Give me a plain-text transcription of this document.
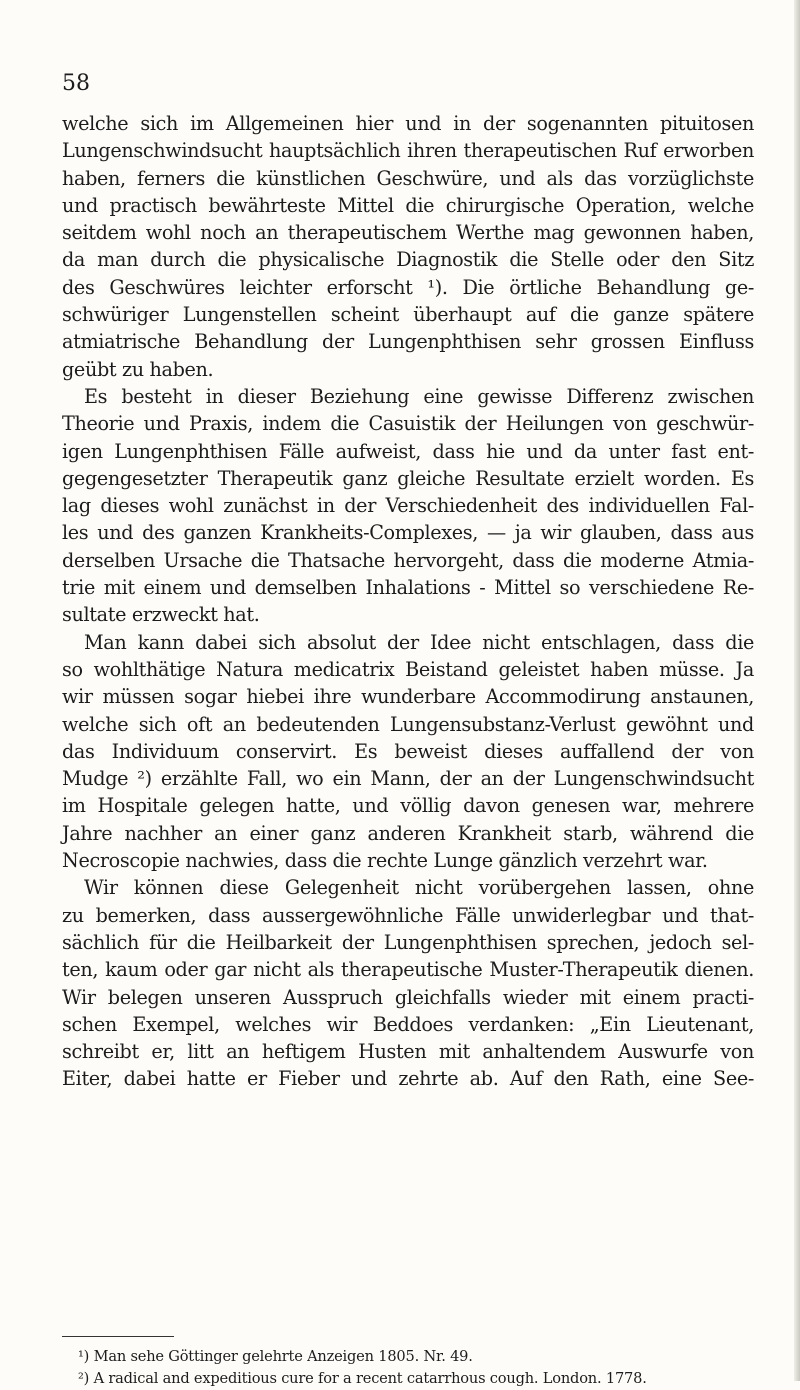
58
welche sich im Allgemeinen hier und in der sogenannten pituitosen
Lungenschwindsucht hauptsächlich ihren therapeutischen Ruf erworben
haben, ferners die künstlichen Geschwüre, und als das vorzüglichste
und practisch bewährteste Mittel die chirurgische Operation, welche
seitdem wohl noch an therapeutischem Werthe mag gewonnen haben,
da man durch die physicalische Diagnostik die Stelle oder den Sitz
des Geschwüres leichter erforscht ¹). Die örtliche Behandlung ge-
schwüriger Lungenstellen scheint überhaupt auf die ganze spätere
atmiatrische Behandlung der Lungenphthisen sehr grossen Einfluss
geübt zu haben.
Es besteht in dieser Beziehung eine gewisse Differenz zwischen
Theorie und Praxis, indem die Casuistik der Heilungen von geschwür-
igen Lungenphthisen Fälle aufweist, dass hie und da unter fast ent-
gegengesetzter Therapeutik ganz gleiche Resultate erzielt worden. Es
lag dieses wohl zunächst in der Verschiedenheit des individuellen Fal-
les und des ganzen Krankheits-Complexes, — ja wir glauben, dass aus
derselben Ursache die Thatsache hervorgeht, dass die moderne Atmia-
trie mit einem und demselben Inhalations - Mittel so verschiedene Re-
sultate erzweckt hat.
Man kann dabei sich absolut der Idee nicht entschlagen, dass die
so wohlthätige Natura medicatrix Beistand geleistet haben müsse. Ja
wir müssen sogar hiebei ihre wunderbare Accommodirung anstaunen,
welche sich oft an bedeutenden Lungensubstanz-Verlust gewöhnt und
das Individuum conservirt. Es beweist dieses auffallend der von
Mudge ²) erzählte Fall, wo ein Mann, der an der Lungenschwindsucht
im Hospitale gelegen hatte, und völlig davon genesen war, mehrere
Jahre nachher an einer ganz anderen Krankheit starb, während die
Necroscopie nachwies, dass die rechte Lunge gänzlich verzehrt war.
Wir können diese Gelegenheit nicht vorübergehen lassen, ohne
zu bemerken, dass aussergewöhnliche Fälle unwiderlegbar und that-
sächlich für die Heilbarkeit der Lungenphthisen sprechen, jedoch sel-
ten, kaum oder gar nicht als therapeutische Muster-Therapeutik dienen.
Wir belegen unseren Ausspruch gleichfalls wieder mit einem practi-
schen Exempel, welches wir Beddoes verdanken: „Ein Lieutenant,
schreibt er, litt an heftigem Husten mit anhaltendem Auswurfe von
Eiter, dabei hatte er Fieber und zehrte ab. Auf den Rath, eine See-
¹) Man sehe Göttinger gelehrte Anzeigen 1805. Nr. 49.
²) A radical and expeditious cure for a recent catarrhous cough. London. 1778.
